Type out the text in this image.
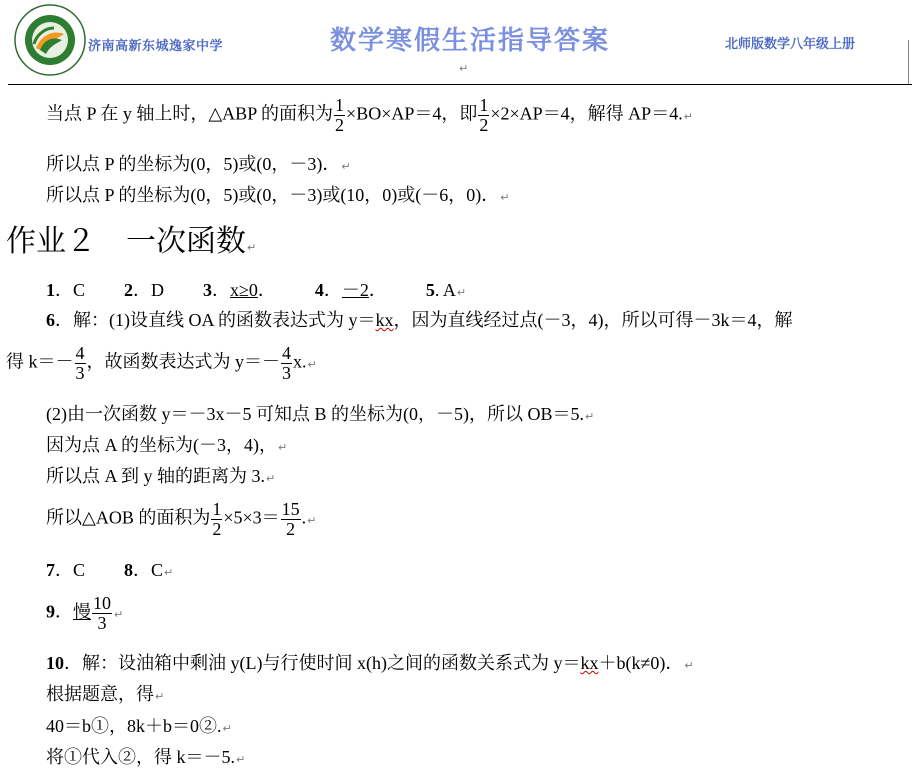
济南高新东城逸家中学	数学寒假生活指导答案	北师版数学八年级上册
↵
当点 P 在 y 轴上时，△ABP 的面积为 $\frac{1}{2} \times BO\times AP=4$，即 $\frac{1}{2} \times 2\times AP=4$，解得 AP＝4.↵
所以点 P 的坐标为(0，5)或(0，－3)．↵
所以点 P 的坐标为(0，5)或(0，－3)或(10，0)或(－6，0)．↵
作业２　一次函数↵
1．C 2．D 3．x≥0． 4．－2． 5. A↵
6．解：(1)设直线 OA 的函数表达式为 y＝kx，因为直线经过点(－3，4)，所以可得－3k＝4，解
得 $k=- \frac{4}{3}$ ，故函数表达式为 $y=- \frac{4}{3}$ x.↵
(2)由一次函数 y＝－3x－5 可知点 B 的坐标为(0，－5)，所以 OB＝5.↵
因为点 A 的坐标为(－3，4)，↵
所以点 A 到 y 轴的距离为 3.↵
所以△AOB 的面积为 $\frac{1}{2} \times 5\times 3= \frac{15}{2}$ .↵
7．C 8．C↵
9．慢 $\frac{10}{3}$ ↵
10．解：设油箱中剩油 y(L)与行使时间 x(h)之间的函数关系式为 y＝kx＋b(k≠0)．↵
根据题意，得↵
40＝b①，8k＋b＝0②.↵
将①代入②，得 k＝－5.↵
